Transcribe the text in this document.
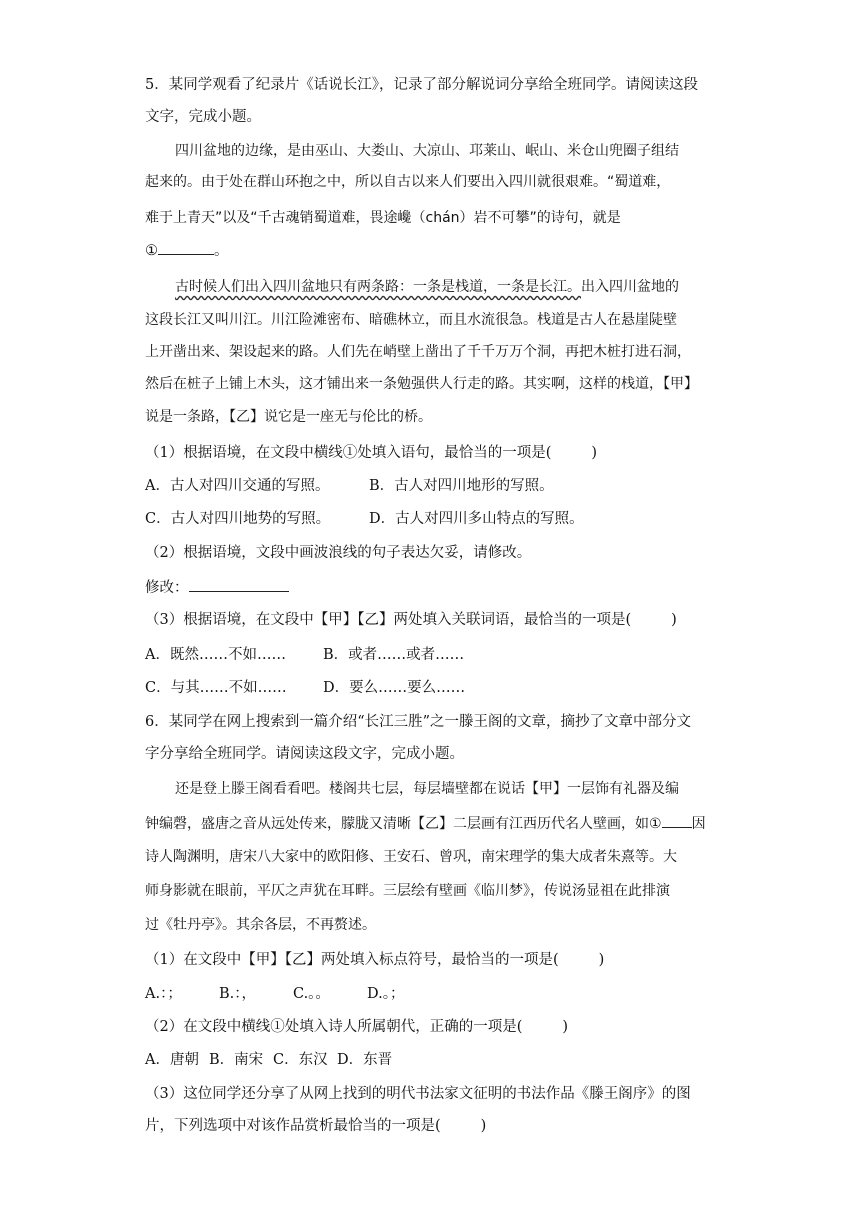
5．某同学观看了纪录片《话说长江》，记录了部分解说词分享给全班同学。请阅读这段
文字，完成小题。
四川盆地的边缘，是由巫山、大娄山、大凉山、邛莱山、岷山、米仓山兜圈子组结
起来的。由于处在群山环抱之中，所以自古以来人们要出入四川就很艰难。“蜀道难，
难于上青天”以及“千古魂销蜀道难，畏途巉（chán）岩不可攀”的诗句，就是
①	。
古时候人们出入四川盆地只有两条路：一条是栈道，一条是长江。出入四川盆地的
这段长江又叫川江。川江险滩密布、暗礁林立，而且水流很急。栈道是古人在悬崖陡壁
上开凿出来、架设起来的路。人们先在峭壁上凿出了千千万万个洞，再把木桩打进石洞，
然后在桩子上铺上木头，这才铺出来一条勉强供人行走的路。其实啊，这样的栈道，【甲】
说是一条路，【乙】说它是一座无与伦比的桥。
（1）根据语境，在文段中横线①处填入语句，最恰当的一项是(	)
A．古人对四川交通的写照。	B．古人对四川地形的写照。
C．古人对四川地势的写照。	D．古人对四川多山特点的写照。
（2）根据语境，文段中画波浪线的句子表达欠妥，请修改。
修改：
（3）根据语境，在文段中【甲】【乙】两处填入关联词语，最恰当的一项是(	)
A．既然……不如……	B．或者……或者……
C．与其……不如……	D．要么……要么……
6．某同学在网上搜索到一篇介绍“长江三胜”之一滕王阁的文章，摘抄了文章中部分文
字分享给全班同学。请阅读这段文字，完成小题。
还是登上滕王阁看看吧。楼阁共七层，每层墙壁都在说话【甲】一层饰有礼器及编
钟编磬，盛唐之音从远处传来，朦胧又清晰【乙】二层画有江西历代名人壁画，如① 因
诗人陶渊明，唐宋八大家中的欧阳修、王安石、曾巩，南宋理学的集大成者朱熹等。大
师身影就在眼前，平仄之声犹在耳畔。三层绘有壁画《临川梦》，传说汤显祖在此排演
过《牡丹亭》。其余各层，不再赘述。
（1）在文段中【甲】【乙】两处填入标点符号，最恰当的一项是(	)
A.：；	B.：，	C.。。	D.。；
（2）在文段中横线①处填入诗人所属朝代，正确的一项是(	)
A．唐朝 B．南宋 C．东汉 D．东晋
（3）这位同学还分享了从网上找到的明代书法家文征明的书法作品《滕王阁序》的图
片，下列选项中对该作品赏析最恰当的一项是(	)
